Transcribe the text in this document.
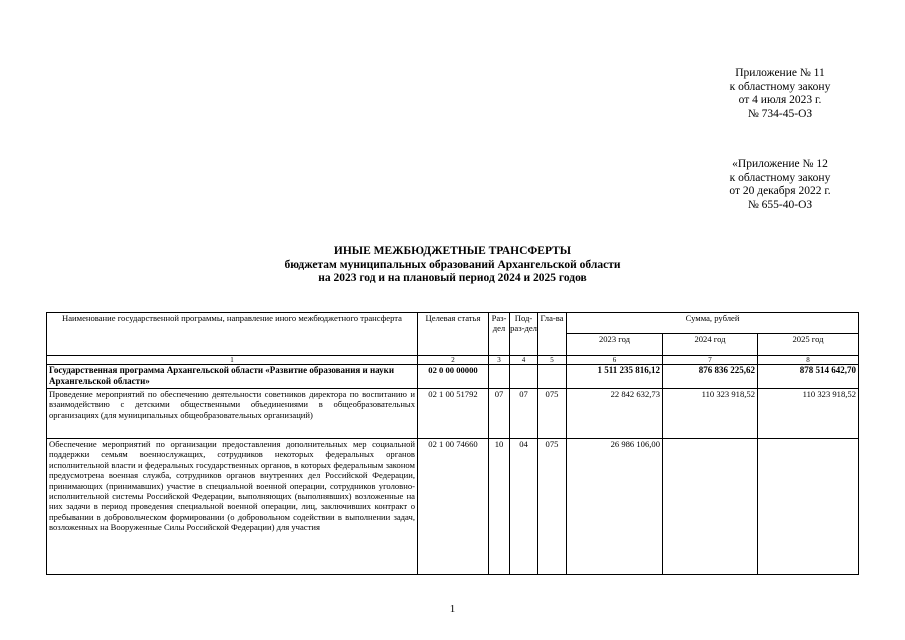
Приложение № 11
к областному закону
от 4 июля 2023 г.
№ 734-45-ОЗ
«Приложение № 12
к областному закону
от 20 декабря 2022 г.
№ 655-40-ОЗ
ИНЫЕ МЕЖБЮДЖЕТНЫЕ ТРАНСФЕРТЫ
бюджетам муниципальных образований Архангельской области
на 2023 год и на плановый период 2024 и 2025 годов
Наименование государственной программы, направление иного межбюджетного трансферта	Целевая статья	Раз-дел	Под-раз-дел	Гла-ва	Сумма, рублей		
					2023 год	2024 год	2025 год
1	2	3	4	5	6	7	8
Государственная программа Архангельской области «Развитие образования и науки Архангельской области»	02 0 00 00000				1 511 235 816,12	876 836 225,62	878 514 642,70
Проведение мероприятий по обеспечению деятельности советников директора по воспитанию и взаимодействию с детскими общественными объединениями в общеобразовательных организациях (для муниципальных общеобразовательных организаций)	02 1 00 51792	07	07	075	22 842 632,73	110 323 918,52	110 323 918,52
Обеспечение мероприятий по организации предоставления дополнительных мер социальной поддержки семьям военнослужащих, сотрудников некоторых федеральных органов исполнительной власти и федеральных государственных органов, в которых федеральным законом предусмотрена военная служба, сотрудников органов внутренних дел Российской Федерации, принимающих (принимавших) участие в специальной военной операции, сотрудников уголовно-исполнительной системы Российской Федерации, выполняющих (выполнявших) возложенные на них задачи в период проведения специальной военной операции, лиц, заключивших контракт о пребывании в добровольческом формировании (о добровольном содействии в выполнении задач, возложенных на Вооруженные Силы Российской Федерации) для участия	02 1 00 74660	10	04	075	26 986 106,00		
1
